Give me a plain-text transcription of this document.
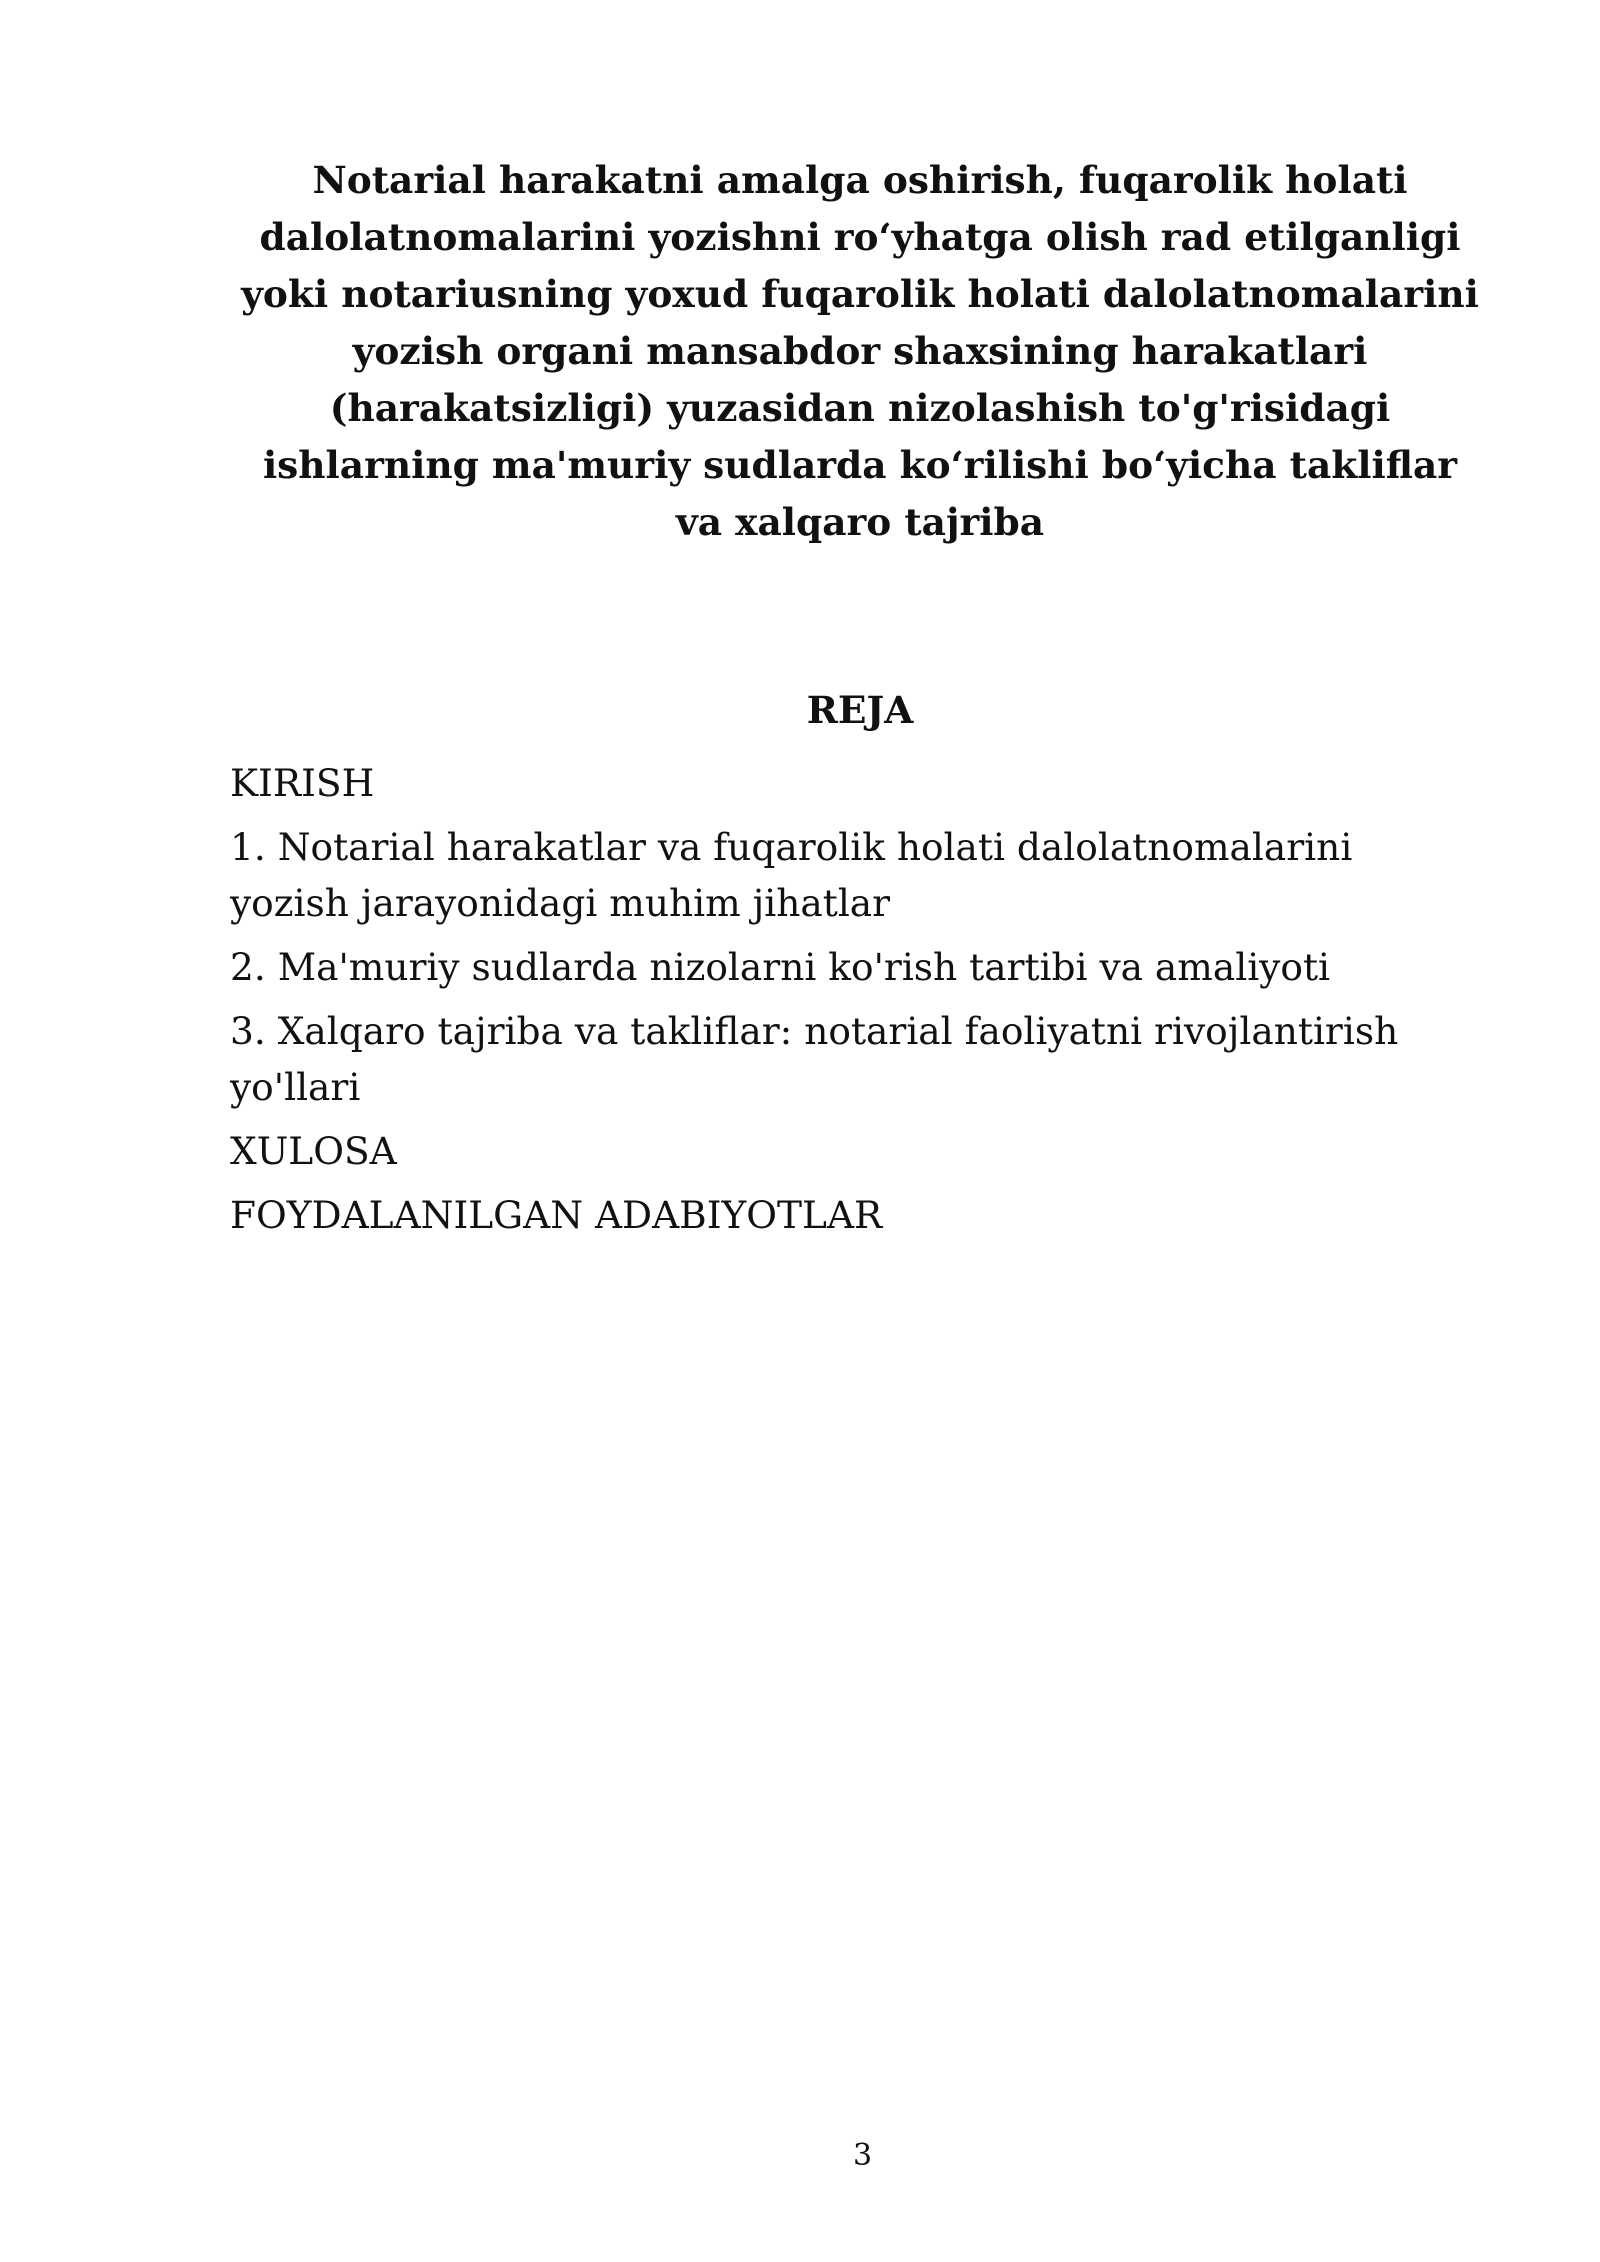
Notarial harakatni amalga oshirish, fuqarolik holati
dalolatnomalarini yozishni ro‘yhatga olish rad etilganligi
yoki notariusning yoxud fuqarolik holati dalolatnomalarini
yozish organi mansabdor shaxsining harakatlari
(harakatsizligi) yuzasidan nizolashish to'g'risidagi
ishlarning ma'muriy sudlarda ko‘rilishi bo‘yicha takliflar
va xalqaro tajriba
REJA
KIRISH
1. Notarial harakatlar va fuqarolik holati dalolatnomalarini yozish jarayonidagi muhim jihatlar
2. Ma'muriy sudlarda nizolarni ko'rish tartibi va amaliyoti
3. Xalqaro tajriba va takliflar: notarial faoliyatni rivojlantirish yo'llari
XULOSA
FOYDALANILGAN ADABIYOTLAR
3
